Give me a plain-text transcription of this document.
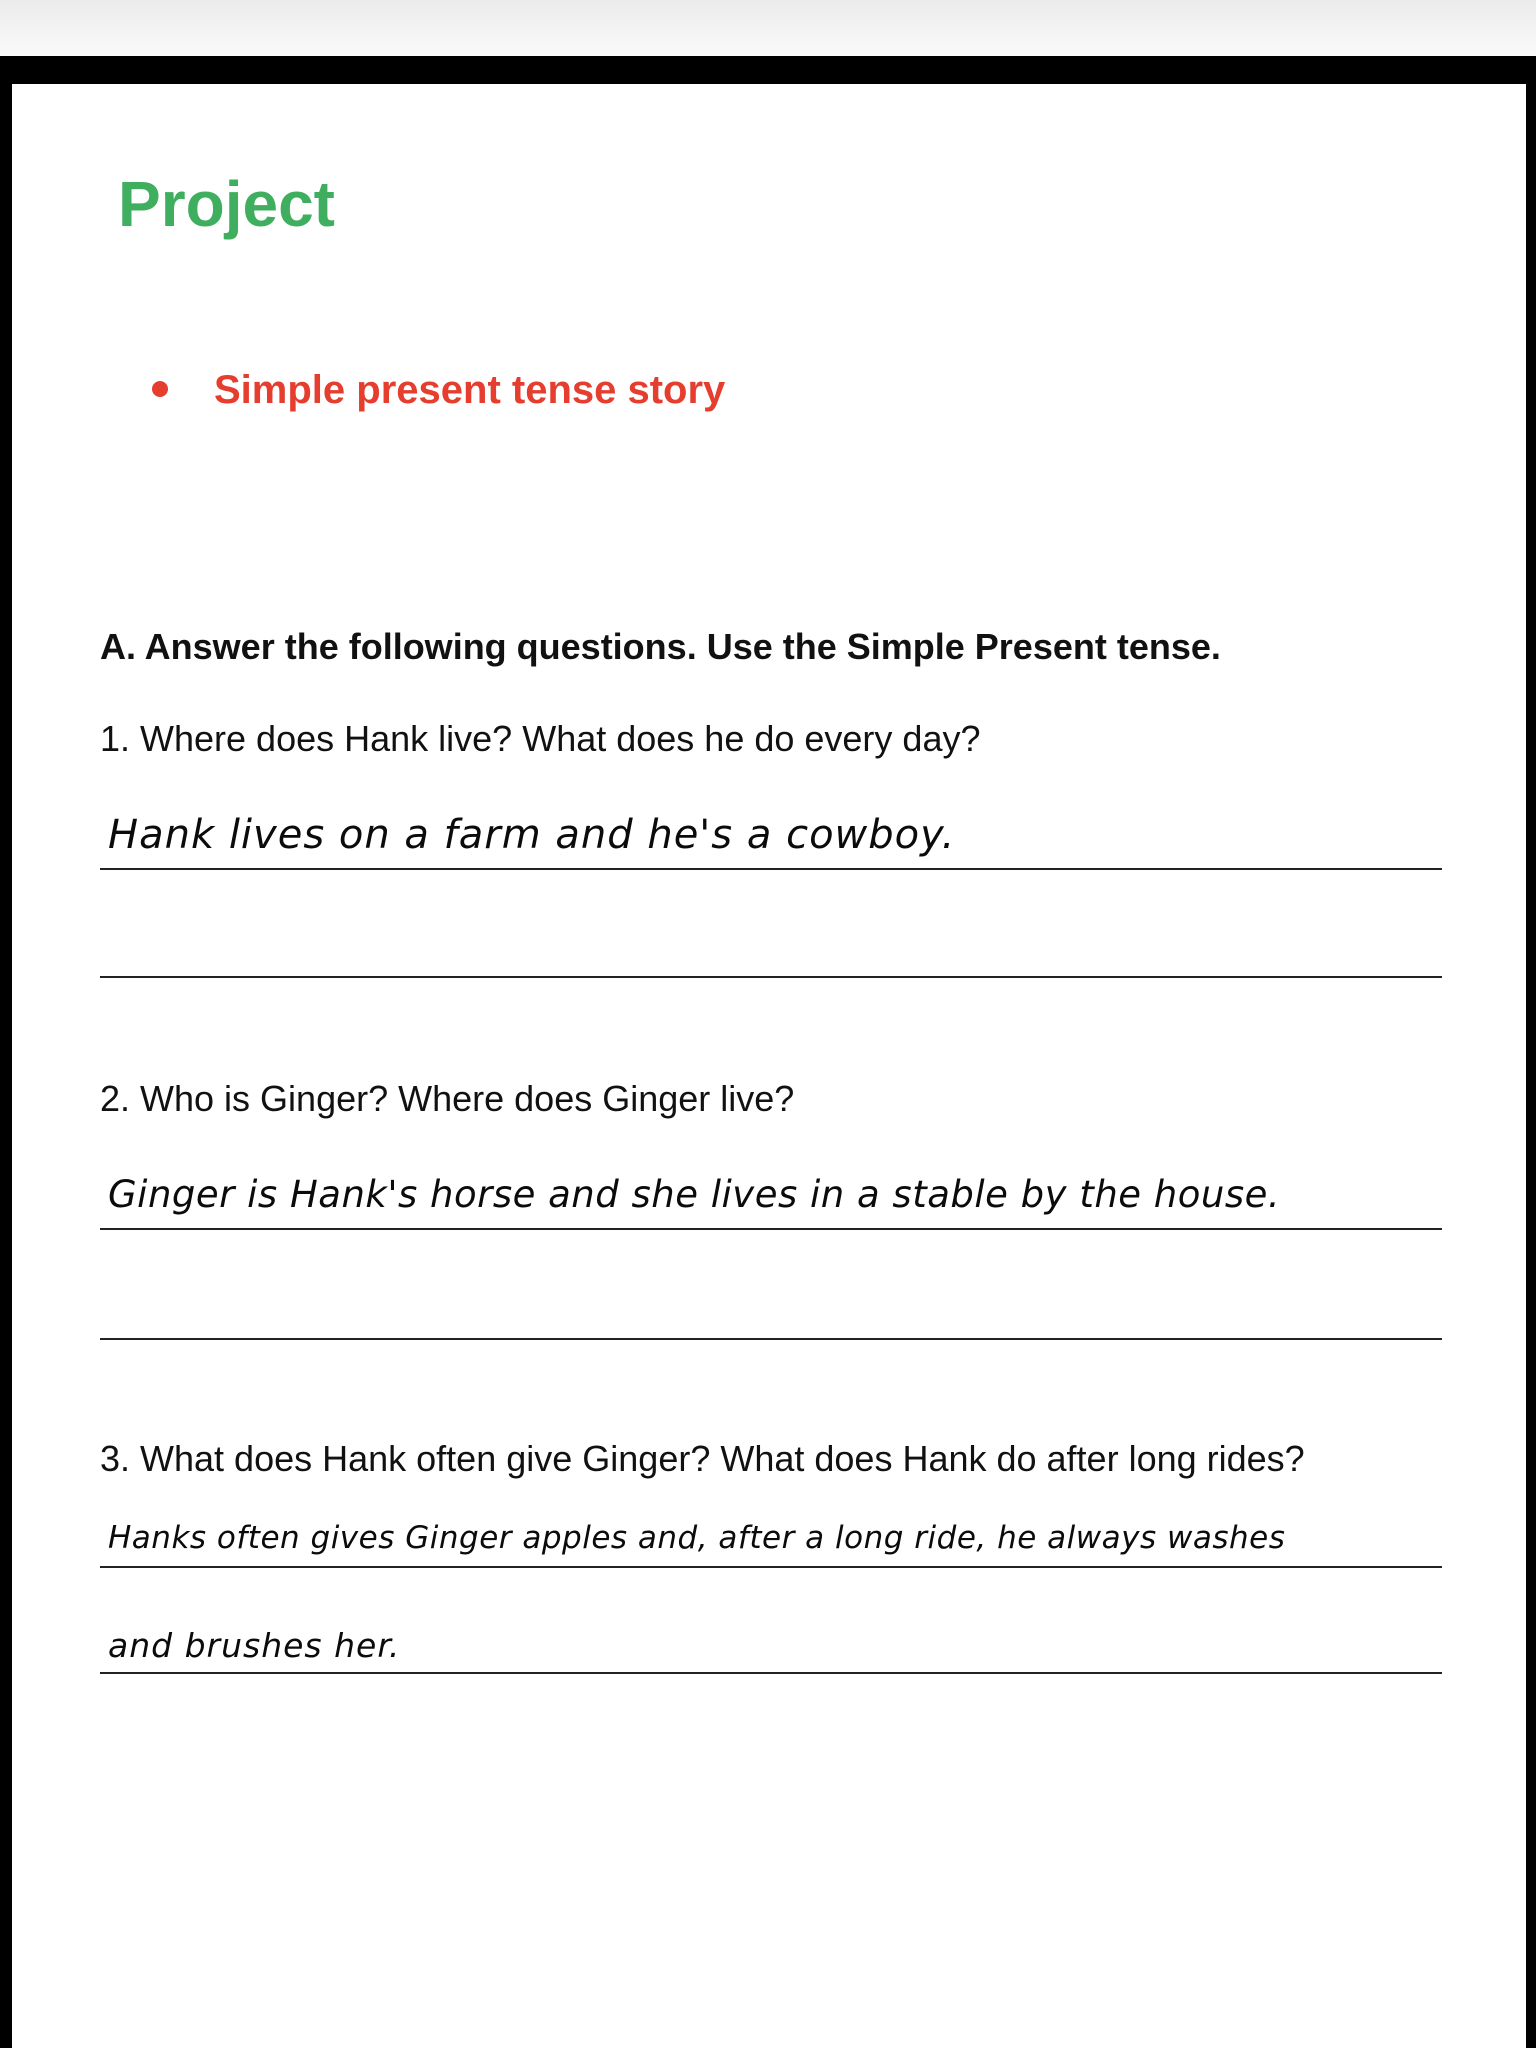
Project
Simple present tense story

A. Answer the following questions. Use the Simple Present tense.

1. Where does Hank live? What does he do every day?

Hank lives on a farm and he's a cowboy.

2. Who is Ginger? Where does Ginger live?

Ginger is Hank's horse and she lives in a stable by the house.

3. What does Hank often give Ginger? What does Hank do after long rides?

Hanks often gives Ginger apples and, after a long ride, he always washes

and brushes her.
